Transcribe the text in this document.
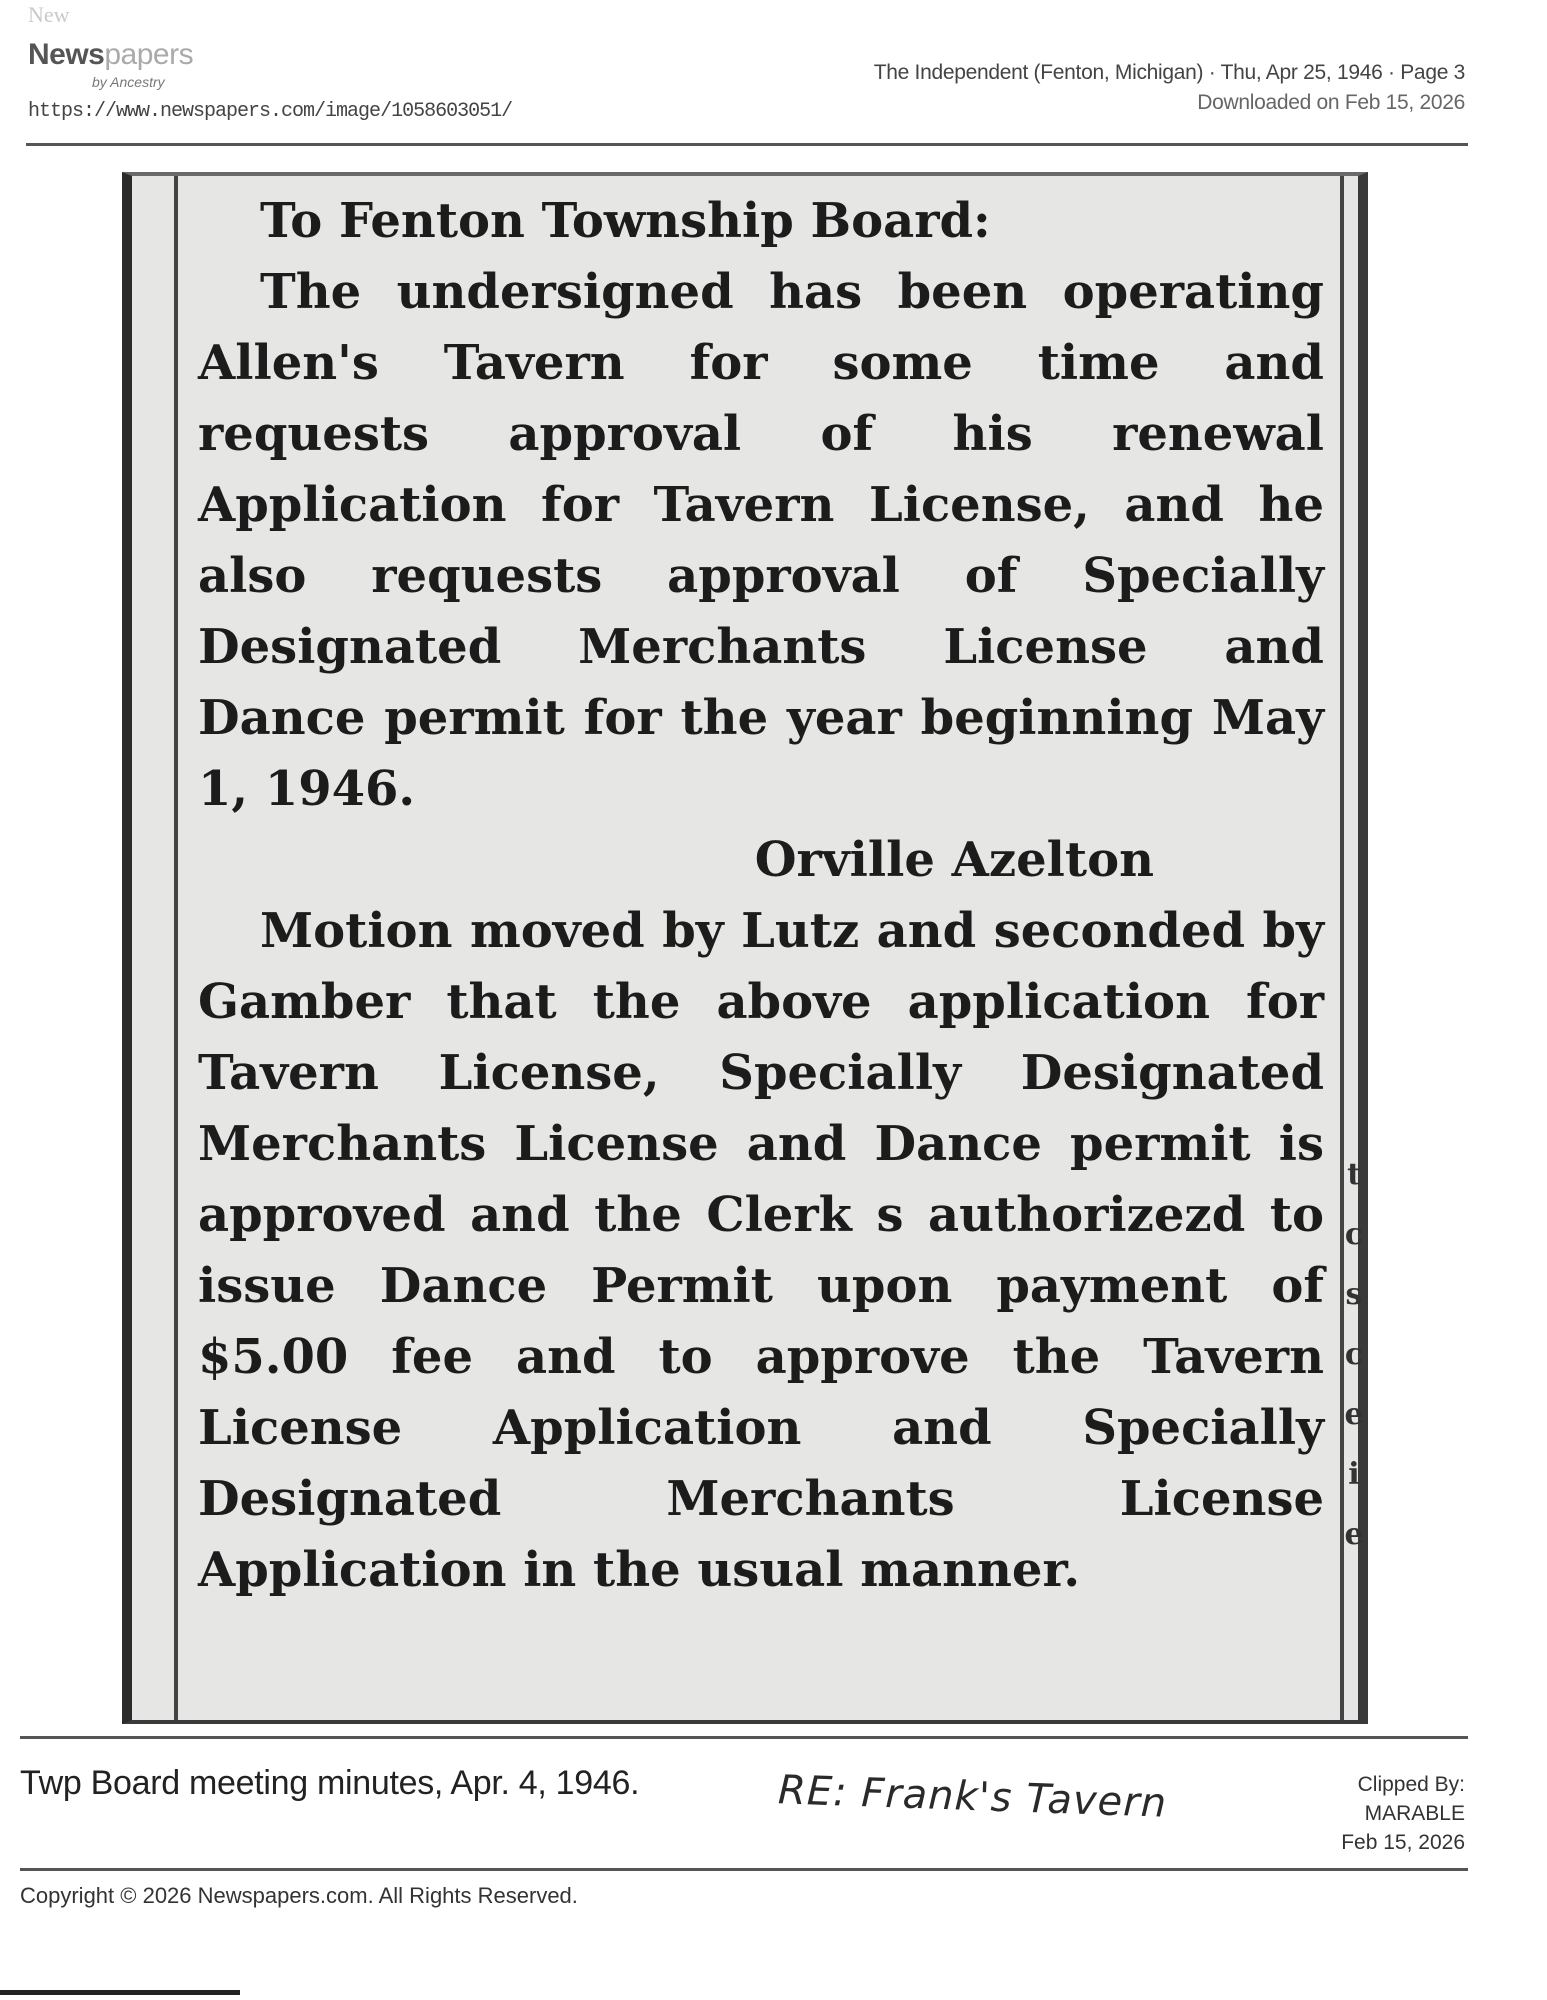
New
Newspapers
by Ancestry
https://www.newspapers.com/image/1058603051/
The Independent (Fenton, Michigan) · Thu, Apr 25, 1946 · Page 3
Downloaded on Feb 15, 2026

To Fenton Township Board:

The undersigned has been operating Allen's Tavern for some time and requests approval of his renewal Application for Tavern License, and he also requests approval of Specially Designated Merchants License and Dance permit for the year beginning May 1, 1946.

Orville Azelton

Motion moved by Lutz and seconded by Gamber that the above application for Tavern License, Specially Designated Merchants License and Dance permit is approved and the Clerk s authorizezd to issue Dance Permit upon payment of $5.00 fee and to approve the Tavern License Application and Specially Designated Merchants License Application in the usual manner.

t
c
s
c
e
i
e
Twp Board meeting minutes, Apr. 4, 1946.	RE: Frank's Tavern	Clipped By:
MARABLE
Feb 15, 2026
Copyright © 2026 Newspapers.com. All Rights Reserved.
